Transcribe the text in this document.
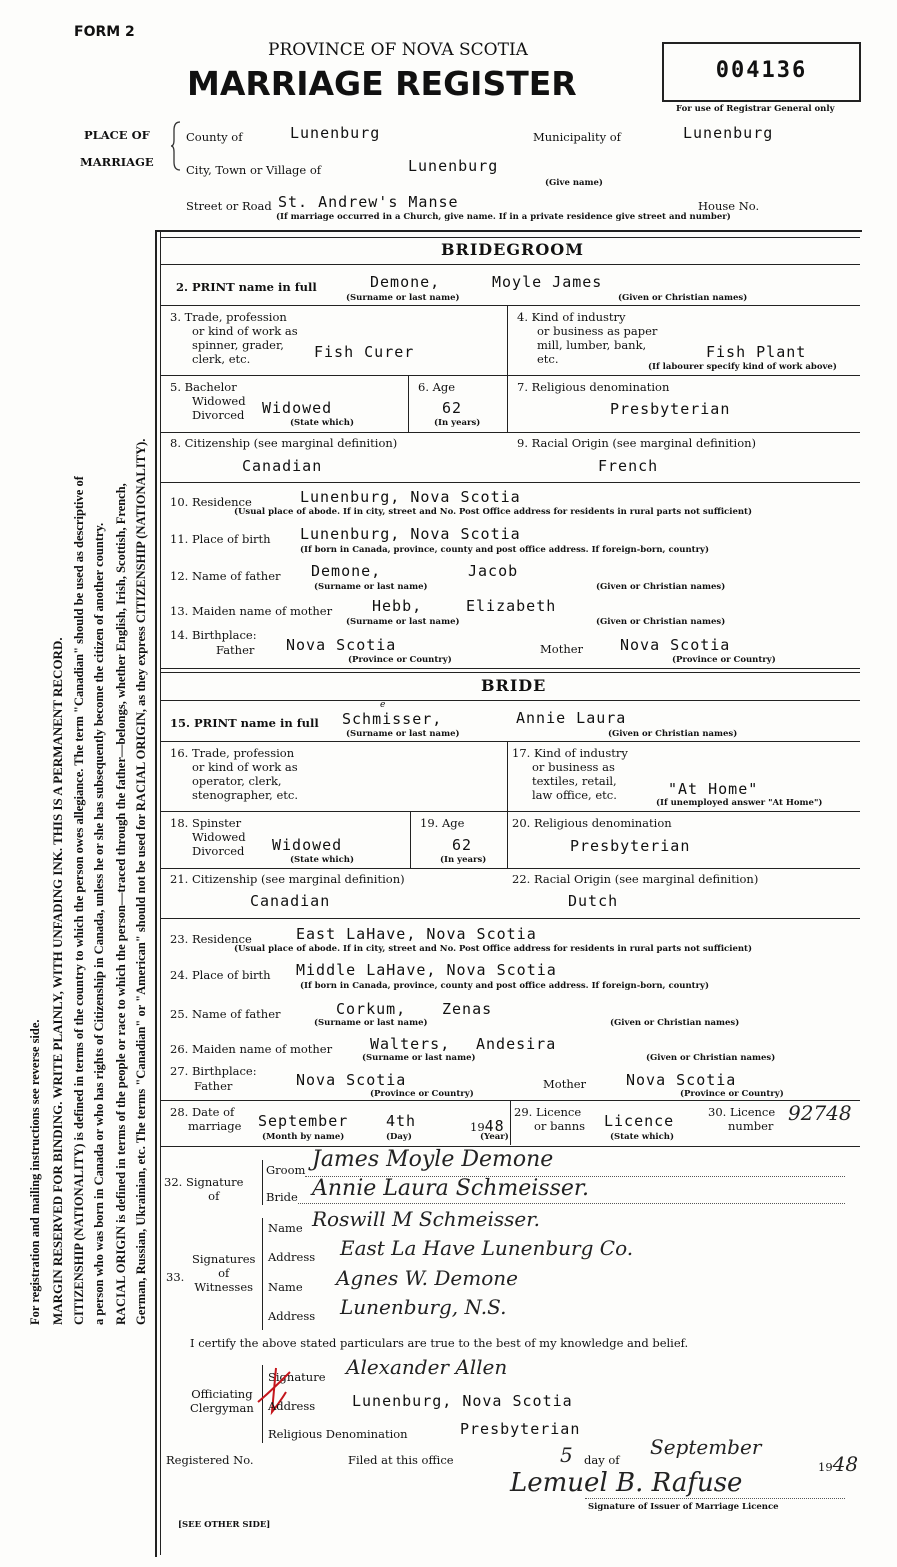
FORM 2
PROVINCE OF NOVA SCOTIA
MARRIAGE REGISTER	004136
For use of Registrar General only
PLACE OF
MARRIAGE
County of	Lunenburg	Municipality of	Lunenburg
City, Town or Village of	Lunenburg
(Give name)
Street or Road St. Andrew's Manse	House No.
(If marriage occurred in a Church, give name. If in a private residence give street and number)
For registration and mailing instructions see reverse side. MARGIN RESERVED FOR BINDING. WRITE PLAINLY, WITH UNFADING INK. THIS IS A PERMANENT RECORD. CITIZENSHIP (NATIONALITY) is defined in terms of the country to which the person owes allegiance. The term "Canadian" should be used as descriptive of a person who was born in Canada or who has rights of Citizenship in Canada, unless he or she has subsequently become the citizen of another country. RACIAL ORIGIN is defined in terms of the people or race to which the person—traced through the father—belongs, whether English, Irish, Scottish, French, German, Russian, Ukrainian, etc. The terms "Canadian" or "American" should not be used for RACIAL ORIGIN, as they express CITIZENSHIP (NATIONALITY).
BRIDEGROOM
2. PRINT name in full	Demone,	Moyle James
(Surname or last name)	(Given or Christian names)
3. Trade, profession
or kind of work as
spinner, grader,
clerk, etc.	Fish Curer
4. Kind of industry
or business as paper
mill, lumber, bank,
etc.	Fish Plant
(If labourer specify kind of work above)
5. Bachelor
Widowed
Divorced Widowed
(State which)
6. Age
62
(In years)
7. Religious denomination
Presbyterian
8. Citizenship (see marginal definition)
Canadian
9. Racial Origin (see marginal definition)
French
10. Residence	Lunenburg, Nova Scotia
(Usual place of abode. If in city, street and No. Post Office address for residents in rural parts not sufficient)
11. Place of birth Lunenburg, Nova Scotia
(If born in Canada, province, county and post office address. If foreign-born, country)
12. Name of father Demone,	Jacob
(Surname or last name)	(Given or Christian names)
13. Maiden name of mother	Hebb,	Elizabeth
(Surname or last name)	(Given or Christian names)
14. Birthplace:
Father Nova Scotia	Mother Nova Scotia
(Province or Country)	(Province or Country)
BRIDE
15. PRINT name in full
e
Schmisser,	Annie Laura
(Surname or last name)	(Given or Christian names)
16. Trade, profession
or kind of work as
operator, clerk,
stenographer, etc.
17. Kind of industry
or business as
textiles, retail,
law office, etc.	"At Home"
(If unemployed answer "At Home")
18. Spinster
Widowed
Divorced Widowed
(State which)
19. Age
62
(In years)
20. Religious denomination
Presbyterian
21. Citizenship (see marginal definition)
Canadian
22. Racial Origin (see marginal definition)
Dutch
23. Residence	East LaHave, Nova Scotia
(Usual place of abode. If in city, street and No. Post Office address for residents in rural parts not sufficient)
24. Place of birth Middle LaHave, Nova Scotia
(If born in Canada, province, county and post office address. If foreign-born, country)
25. Name of father	Corkum, Zenas
(Surname or last name)	(Given or Christian names)
26. Maiden name of mother	Walters, Andesira
(Surname or last name)	(Given or Christian names)
27. Birthplace:
Father	Nova Scotia	Mother	Nova Scotia
(Province or Country)	(Province or Country)
28. Date of
marriage September	4th	1948
(Month by name)	(Day)	(Year)
29. Licence
or banns Licence
(State which)
30. Licence
number
92748
32. Signature
of
Groom James Moyle Demone
Bride Annie Laura Schmeisser.
33.
Signatures
of
Witnesses
Name Roswill M Schmeisser.
Address East La Have Lunenburg Co.
Name Agnes W. Demone
Address Lunenburg, N.S.
I certify the above stated particulars are true to the best of my knowledge and belief.
Officiating
Clergyman
Signature Alexander Allen
Address Lunenburg, Nova Scotia
Religious Denomination	Presbyterian
Registered No.	Filed at this office	5 day of
September
1948
Lemuel B. Rafuse
Signature of Issuer of Marriage Licence
[SEE OTHER SIDE]
